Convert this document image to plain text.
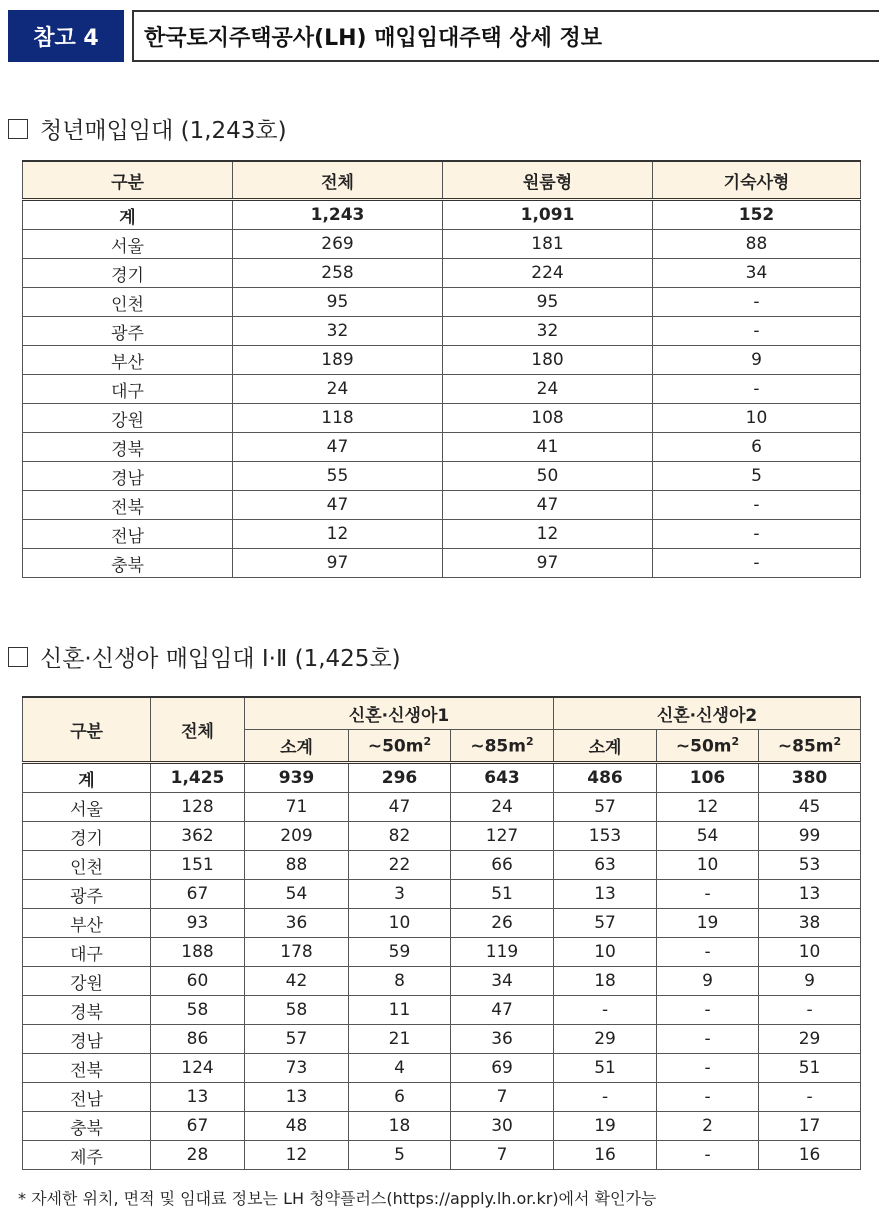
참고 4	한국토지주택공사(LH) 매입임대주택 상세 정보
청년매입임대 (1,243호)
구분	전체	원룸형	기숙사형
계	1,243	1,091	152
서울	269	181	88
경기	258	224	34
인천	95	95	-
광주	32	32	-
부산	189	180	9
대구	24	24	-
강원	118	108	10
경북	47	41	6
경남	55	50	5
전북	47	47	-
전남	12	12	-
충북	97	97	-
신혼·신생아 매입임대 Ⅰ·Ⅱ (1,425호)
구분	전체	신혼·신생아1			신혼·신생아2		
		소계	$\sim 50m^2$	$\sim 85m^2$	소계	$\sim 50m^2$	$\sim 85m^2$
계	1,425	939	296	643	486	106	380
서울	128	71	47	24	57	12	45
경기	362	209	82	127	153	54	99
인천	151	88	22	66	63	10	53
광주	67	54	3	51	13	-	13
부산	93	36	10	26	57	19	38
대구	188	178	59	119	10	-	10
강원	60	42	8	34	18	9	9
경북	58	58	11	47	-	-	-
경남	86	57	21	36	29	-	29
전북	124	73	4	69	51	-	51
전남	13	13	6	7	-	-	-
충북	67	48	18	30	19	2	17
제주	28	12	5	7	16	-	16
* 자세한 위치, 면적 및 임대료 정보는 LH 청약플러스(https://apply.lh.or.kr)에서 확인가능
